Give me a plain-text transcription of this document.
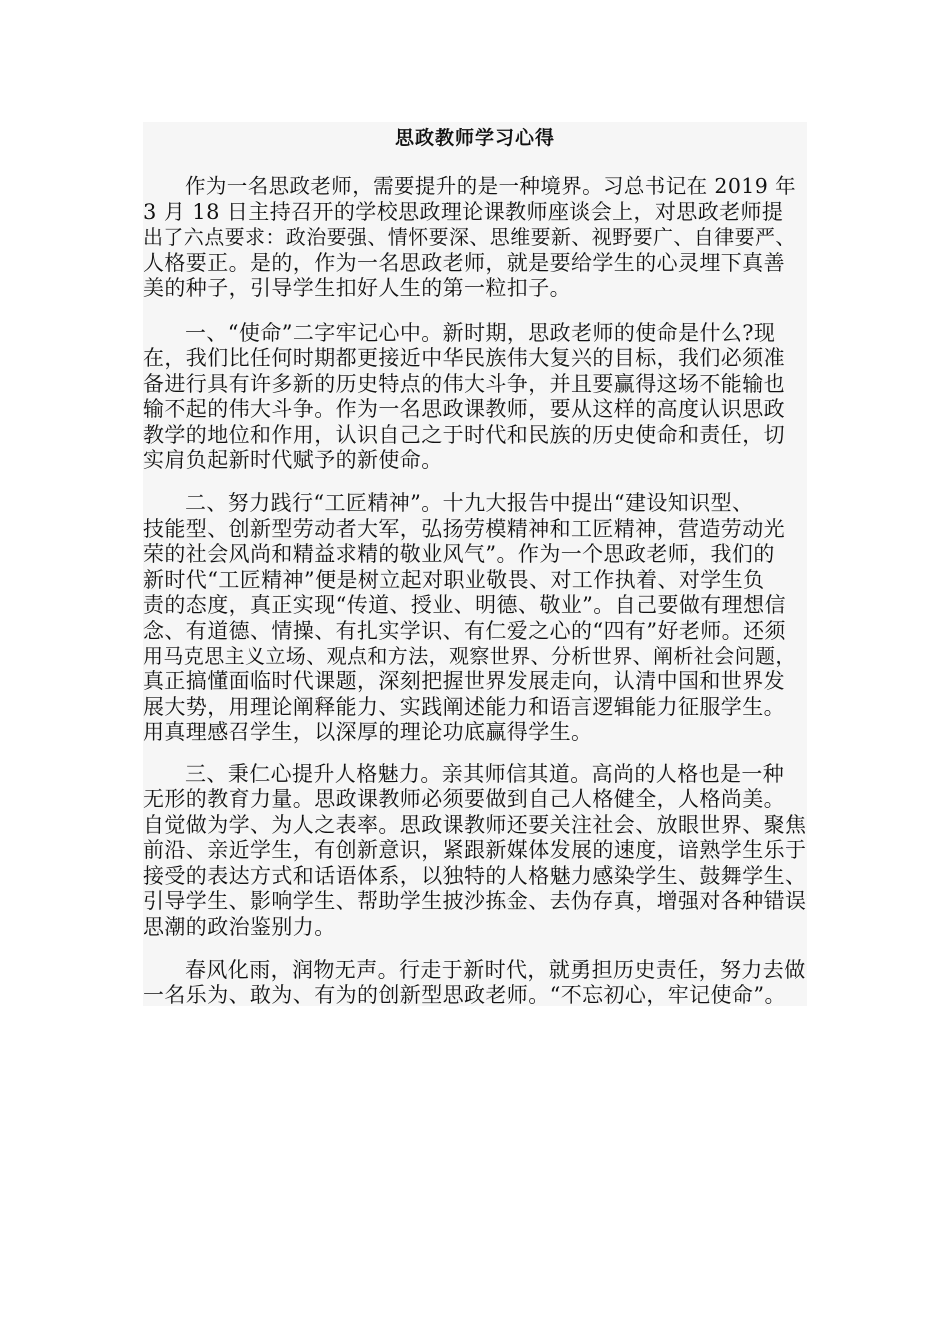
思政教师学习心得
作为一名思政老师，需要提升的是一种境界。习总书记在 2019 年
3 月 18 日主持召开的学校思政理论课教师座谈会上，对思政老师提
出了六点要求：政治要强、情怀要深、思维要新、视野要广、自律要严、
人格要正。是的，作为一名思政老师，就是要给学生的心灵埋下真善
美的种子，引导学生扣好人生的第一粒扣子。
一、“使命”二字牢记心中。新时期，思政老师的使命是什么?现
在，我们比任何时期都更接近中华民族伟大复兴的目标，我们必须准
备进行具有许多新的历史特点的伟大斗争，并且要赢得这场不能输也
输不起的伟大斗争。作为一名思政课教师，要从这样的高度认识思政
教学的地位和作用，认识自己之于时代和民族的历史使命和责任，切
实肩负起新时代赋予的新使命。
二、努力践行“工匠精神”。十九大报告中提出“建设知识型、
技能型、创新型劳动者大军，弘扬劳模精神和工匠精神，营造劳动光
荣的社会风尚和精益求精的敬业风气”。作为一个思政老师，我们的
新时代“工匠精神”便是树立起对职业敬畏、对工作执着、对学生负
责的态度，真正实现“传道、授业、明德、敬业”。自己要做有理想信
念、有道德、情操、有扎实学识、有仁爱之心的“四有”好老师。还须
用马克思主义立场、观点和方法，观察世界、分析世界、阐析社会问题，
真正搞懂面临时代课题，深刻把握世界发展走向，认清中国和世界发
展大势，用理论阐释能力、实践阐述能力和语言逻辑能力征服学生。
用真理感召学生，以深厚的理论功底赢得学生。
三、秉仁心提升人格魅力。亲其师信其道。高尚的人格也是一种
无形的教育力量。思政课教师必须要做到自己人格健全，人格尚美。
自觉做为学、为人之表率。思政课教师还要关注社会、放眼世界、聚焦
前沿、亲近学生，有创新意识，紧跟新媒体发展的速度，谙熟学生乐于
接受的表达方式和话语体系，以独特的人格魅力感染学生、鼓舞学生、
引导学生、影响学生、帮助学生披沙拣金、去伪存真，增强对各种错误
思潮的政治鉴别力。
春风化雨，润物无声。行走于新时代，就勇担历史责任，努力去做
一名乐为、敢为、有为的创新型思政老师。“不忘初心，牢记使命”。
